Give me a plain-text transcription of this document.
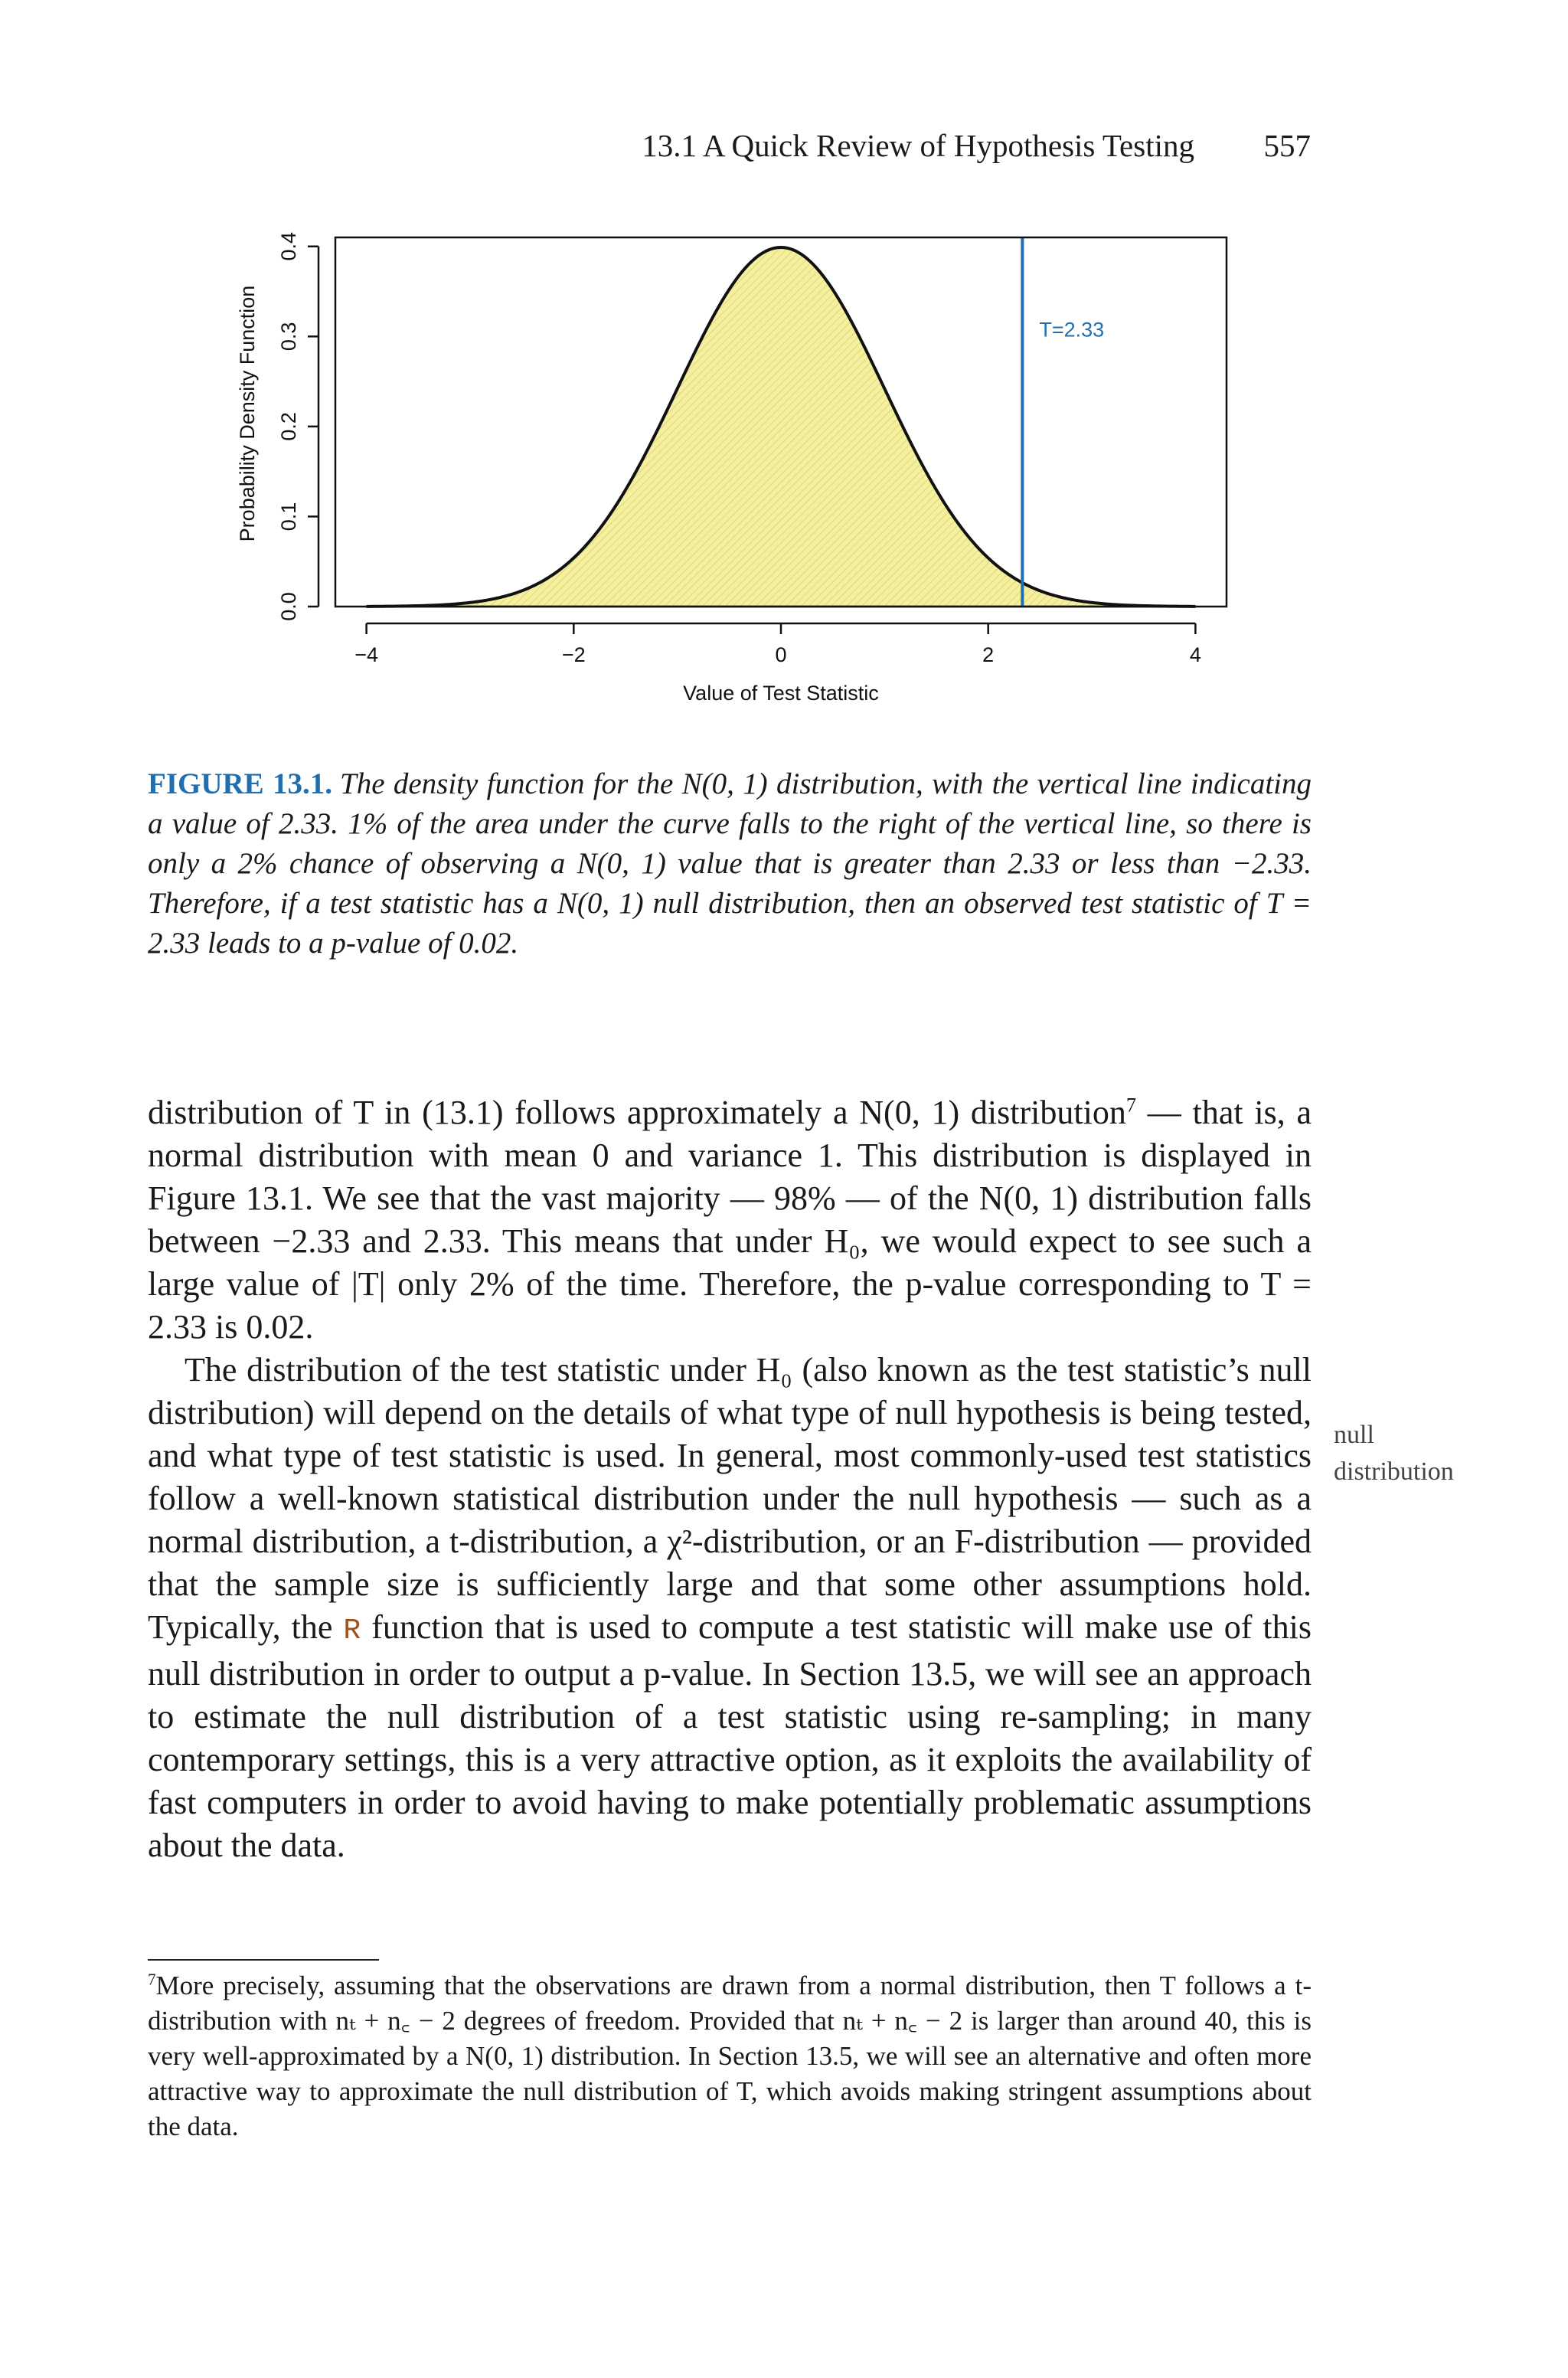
13.1 A Quick Review of Hypothesis Testing 557
T=2.33
−4	−2	0	2	4
0.0
0.1
0.2
0.3
0.4
Probability Density Function
Value of Test Statistic
FIGURE 13.1. The density function for the N(0, 1) distribution, with the vertical line indicating a value of 2.33. 1% of the area under the curve falls to the right of the vertical line, so there is only a 2% chance of observing a N(0, 1) value that is greater than 2.33 or less than −2.33. Therefore, if a test statistic has a N(0, 1) null distribution, then an observed test statistic of T = 2.33 leads to a p-value of 0.02.

distribution of T in (13.1) follows approximately a N(0, 1) distribution$^7$ — that is, a normal distribution with mean 0 and variance 1. This distribution is displayed in Figure 13.1. We see that the vast majority — 98% — of the N(0, 1) distribution falls between −2.33 and 2.33. This means that under H₀, we would expect to see such a large value of |T| only 2% of the time. Therefore, the p-value corresponding to T = 2.33 is 0.02.

The distribution of the test statistic under H₀ (also known as the test statistic’s null distribution) will depend on the details of what type of null hypothesis is being tested, and what type of test statistic is used. In general, most commonly-used test statistics follow a well-known statistical distribution under the null hypothesis — such as a normal distribution, a t-distribution, a χ²-distribution, or an F-distribution — provided that the sample size is sufficiently large and that some other assumptions hold. Typically, the R function that is used to compute a test statistic will make use of this null distribution in order to output a p-value. In Section 13.5, we will see an approach to estimate the null distribution of a test statistic using re-sampling; in many contemporary settings, this is a very attractive option, as it exploits the availability of fast computers in order to avoid having to make potentially problematic assumptions about the data.

null
distribution
$^7$More precisely, assuming that the observations are drawn from a normal distribution, then T follows a t-distribution with nₜ + n꜀ − 2 degrees of freedom. Provided that nₜ + n꜀ − 2 is larger than around 40, this is very well-approximated by a N(0, 1) distribution. In Section 13.5, we will see an alternative and often more attractive way to approximate the null distribution of T, which avoids making stringent assumptions about the data.
